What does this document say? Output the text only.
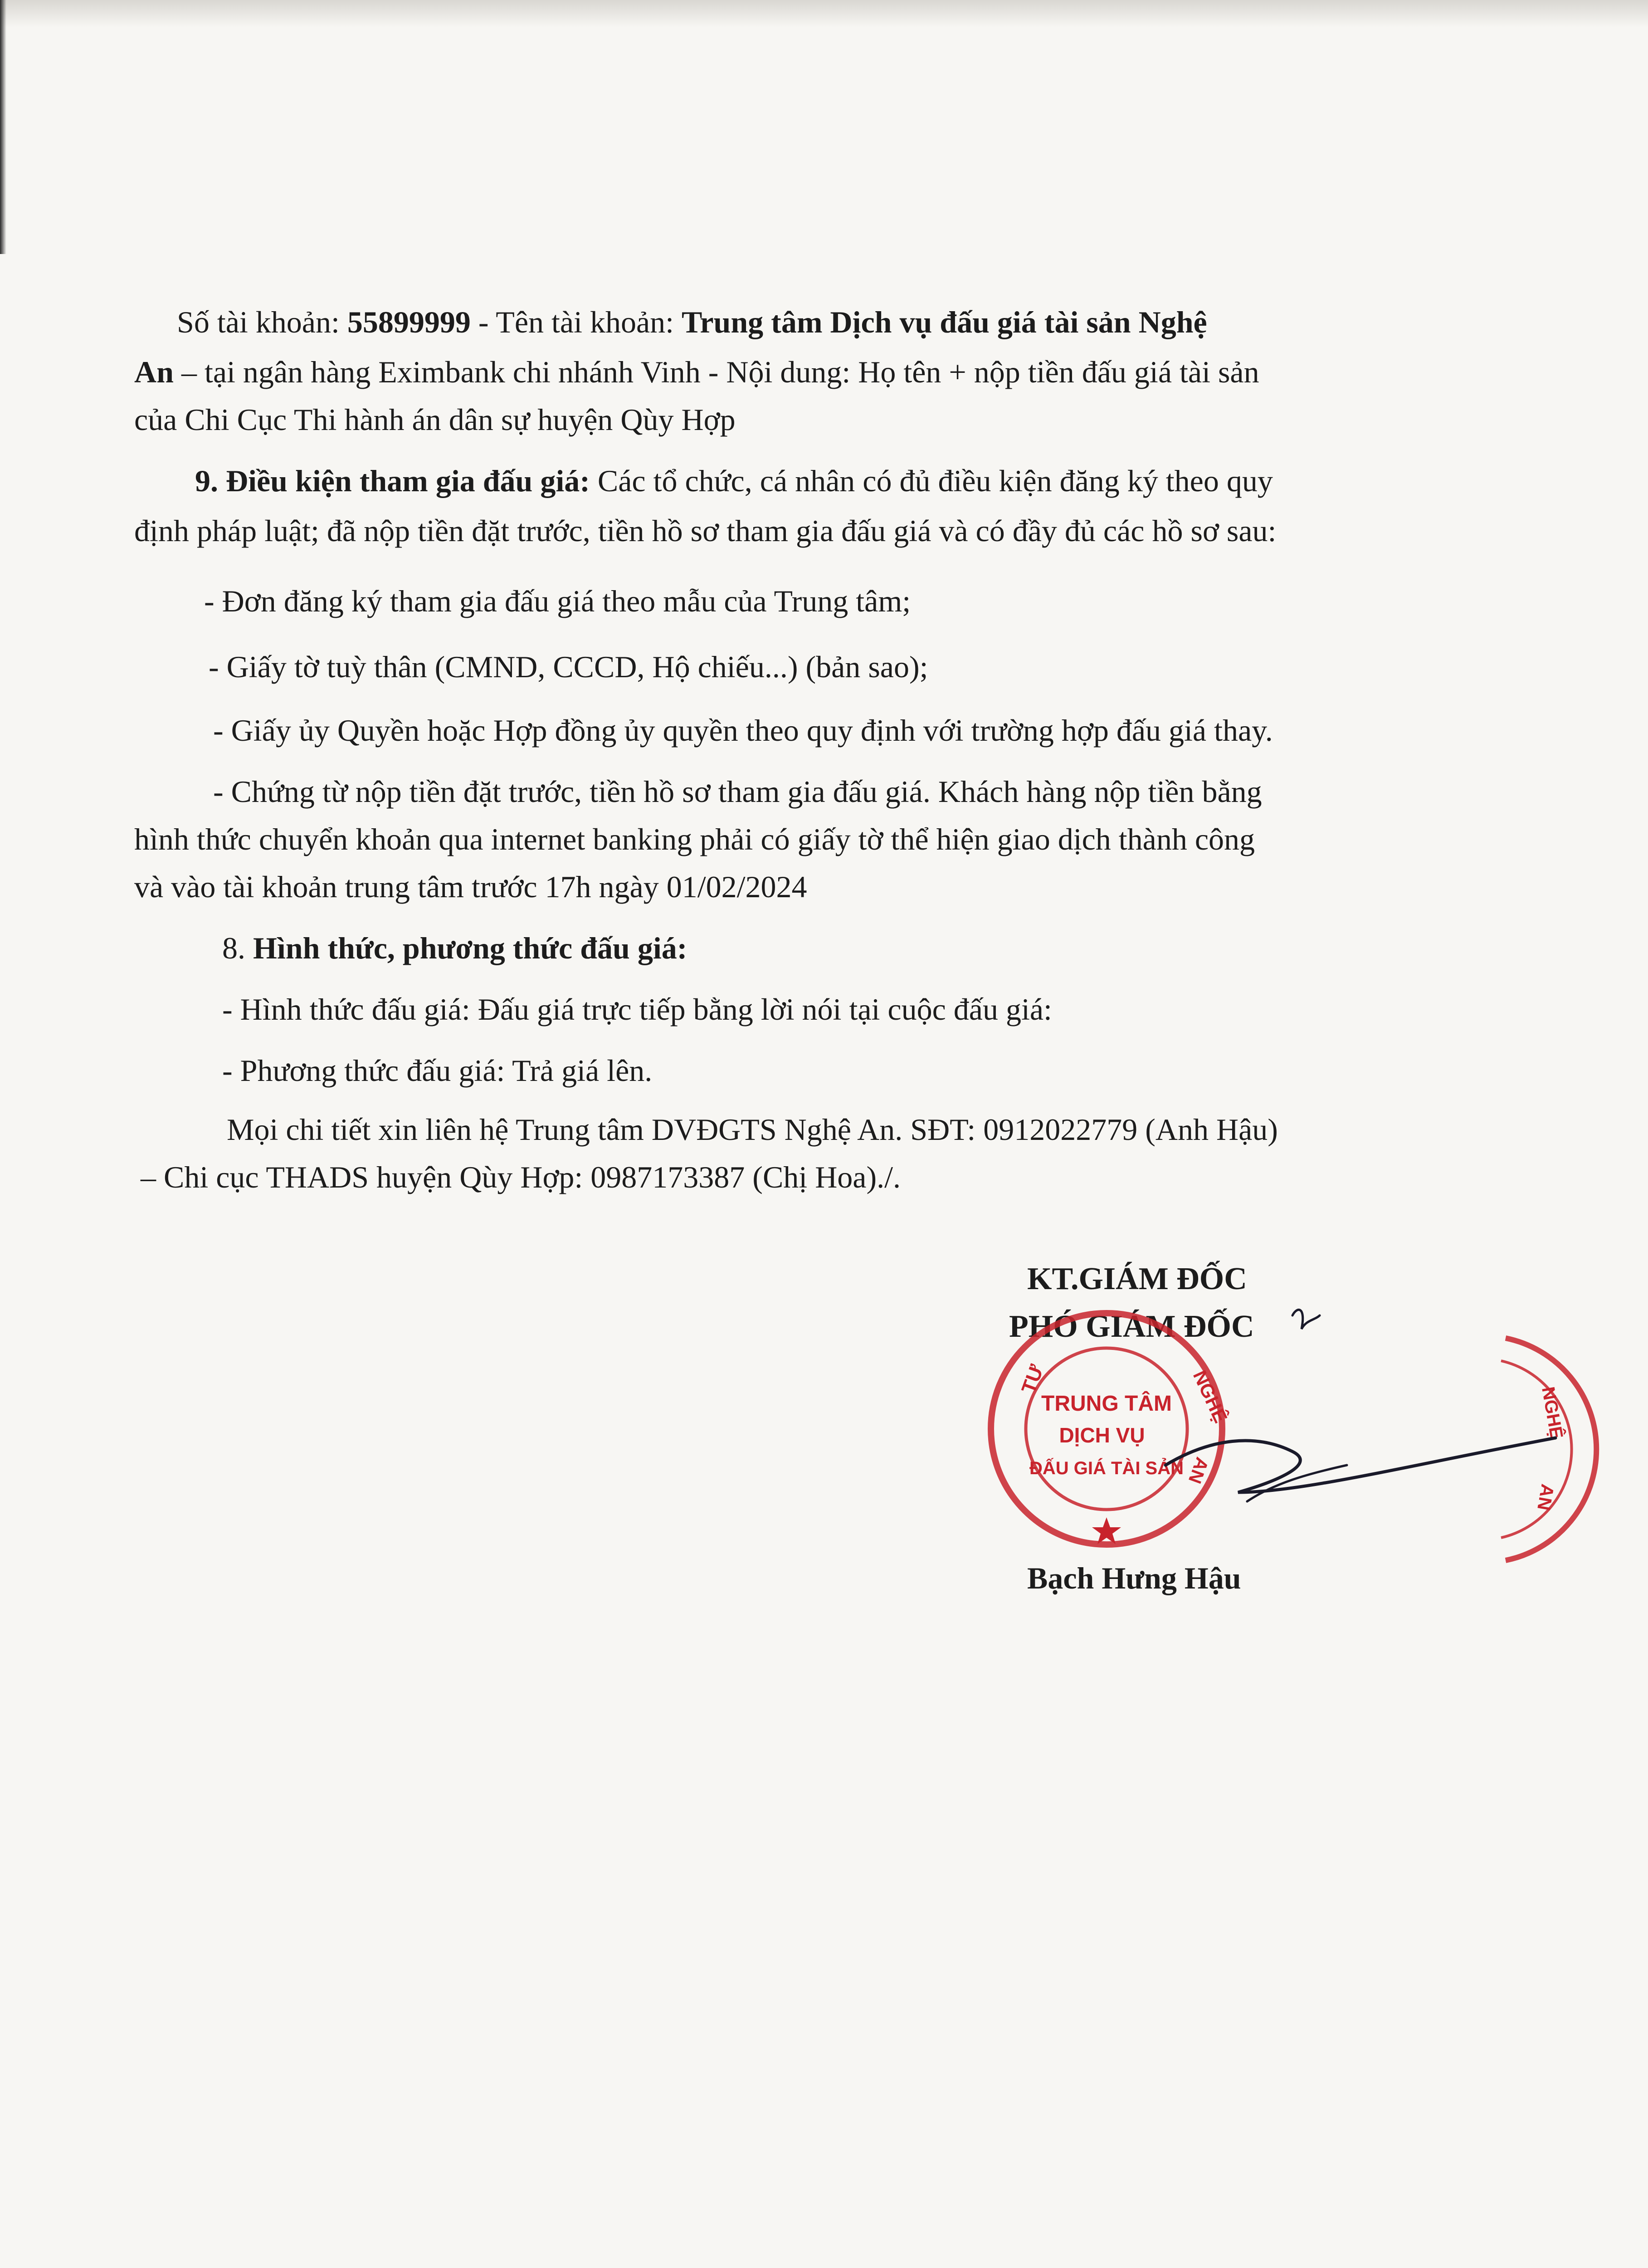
Số tài khoản: 55899999 - Tên tài khoản: Trung tâm Dịch vụ đấu giá tài sản Nghệ
An – tại ngân hàng Eximbank chi nhánh Vinh - Nội dung: Họ tên + nộp tiền đấu giá tài sản
của Chi Cục Thi hành án dân sự huyện Qùy Hợp
9. Điều kiện tham gia đấu giá: Các tổ chức, cá nhân có đủ điều kiện đăng ký theo quy
định pháp luật; đã nộp tiền đặt trước, tiền hồ sơ tham gia đấu giá và có đầy đủ các hồ sơ sau:
- Đơn đăng ký tham gia đấu giá theo mẫu của Trung tâm;
- Giấy tờ tuỳ thân (CMND, CCCD, Hộ chiếu...) (bản sao);
- Giấy ủy Quyền hoặc Hợp đồng ủy quyền theo quy định với trường hợp đấu giá thay.
- Chứng từ nộp tiền đặt trước, tiền hồ sơ tham gia đấu giá. Khách hàng nộp tiền bằng
hình thức chuyển khoản qua internet banking phải có giấy tờ thể hiện giao dịch thành công
và vào tài khoản trung tâm trước 17h ngày 01/02/2024
8. Hình thức, phương thức đấu giá:
- Hình thức đấu giá: Đấu giá trực tiếp bằng lời nói tại cuộc đấu giá:
- Phương thức đấu giá: Trả giá lên.
Mọi chi tiết xin liên hệ Trung tâm DVĐGTS Nghệ An. SĐT: 0912022779 (Anh Hậu)
– Chi cục THADS huyện Qùy Hợp: 0987173387 (Chị Hoa)./.
KT.GIÁM ĐỐC
PHÓ GIÁM ĐỐC
TƯ	NGHỆ
TRUNG TÂM
DỊCH VỤ
ĐẤU GIÁ TÀI SẢN AN
NGHỆ
AN
Bạch Hưng Hậu
